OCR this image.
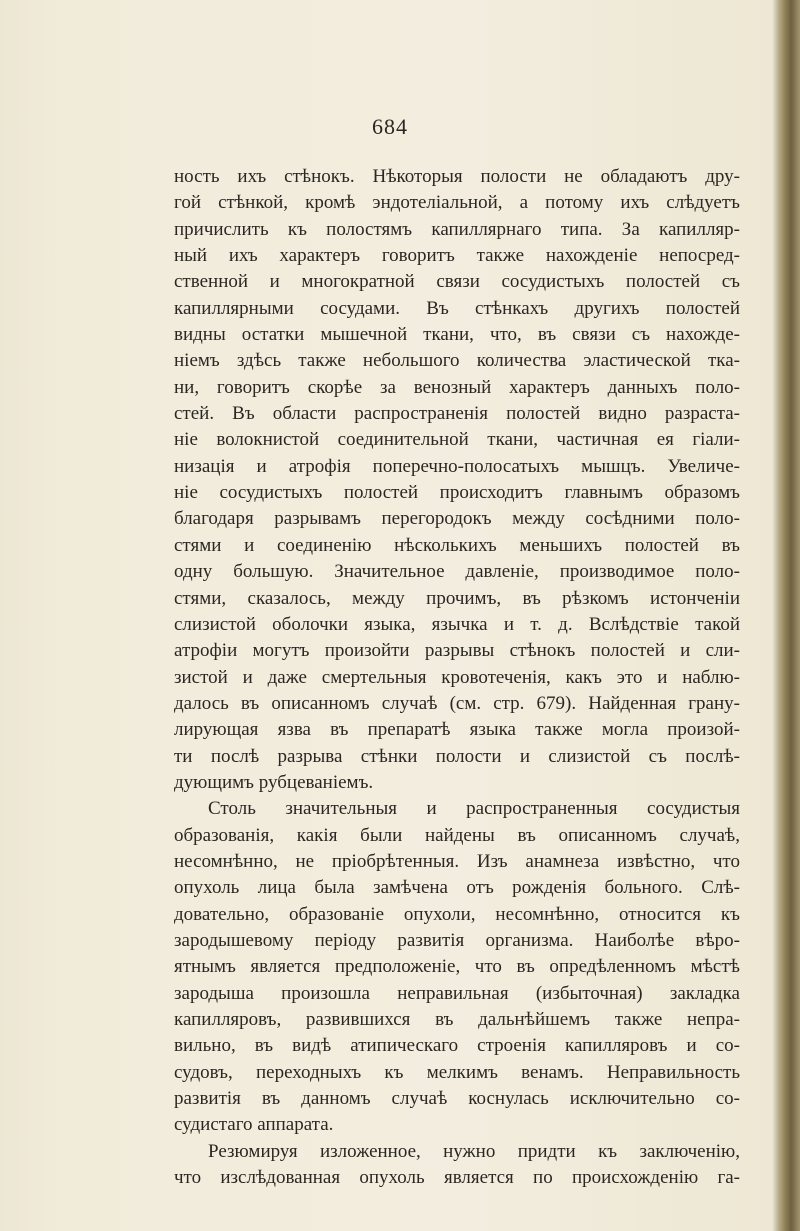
684
ность ихъ стѣнокъ. Нѣкоторыя полости не обладаютъ дру-
гой стѣнкой, кромѣ эндотеліальной, а потому ихъ слѣдуетъ
причислить къ полостямъ капиллярнаго типа. За капилляр-
ный ихъ характеръ говоритъ также нахожденіе непосред-
ственной и многократной связи сосудистыхъ полостей съ
капиллярными сосудами. Въ стѣнкахъ другихъ полостей
видны остатки мышечной ткани, что, въ связи съ нахожде-
ніемъ здѣсь также небольшого количества эластической тка-
ни, говоритъ скорѣе за венозный характеръ данныхъ поло-
стей. Въ области распространенія полостей видно разраста-
ніе волокнистой соединительной ткани, частичная ея гіали-
низація и атрофія поперечно-полосатыхъ мышцъ. Увеличе-
ніе сосудистыхъ полостей происходитъ главнымъ образомъ
благодаря разрывамъ перегородокъ между сосѣдними поло-
стями и соединенію нѣсколькихъ меньшихъ полостей въ
одну большую. Значительное давленіе, производимое поло-
стями, сказалось, между прочимъ, въ рѣзкомъ истонченіи
слизистой оболочки языка, язычка и т. д. Вслѣдствіе такой
атрофіи могутъ произойти разрывы стѣнокъ полостей и сли-
зистой и даже смертельныя кровотеченія, какъ это и наблю-
далось въ описанномъ случаѣ (см. стр. 679). Найденная грану-
лирующая язва въ препаратѣ языка также могла произой-
ти послѣ разрыва стѣнки полости и слизистой съ послѣ-
дующимъ рубцеваніемъ.
Столь значительныя и распространенныя сосудистыя
образованія, какія были найдены въ описанномъ случаѣ,
несомнѣнно, не пріобрѣтенныя. Изъ анамнеза извѣстно, что
опухоль лица была замѣчена отъ рожденія больного. Слѣ-
довательно, образованіе опухоли, несомнѣнно, относится къ
зародышевому періоду развитія организма. Наиболѣе вѣро-
ятнымъ является предположеніе, что въ опредѣленномъ мѣстѣ
зародыша произошла неправильная (избыточная) закладка
капилляровъ, развившихся въ дальнѣйшемъ также непра-
вильно, въ видѣ атипическаго строенія капилляровъ и со-
судовъ, переходныхъ къ мелкимъ венамъ. Неправильность
развитія въ данномъ случаѣ коснулась исключительно со-
судистаго аппарата.
Резюмируя изложенное, нужно придти къ заключенію,
что изслѣдованная опухоль является по происхожденію га-
